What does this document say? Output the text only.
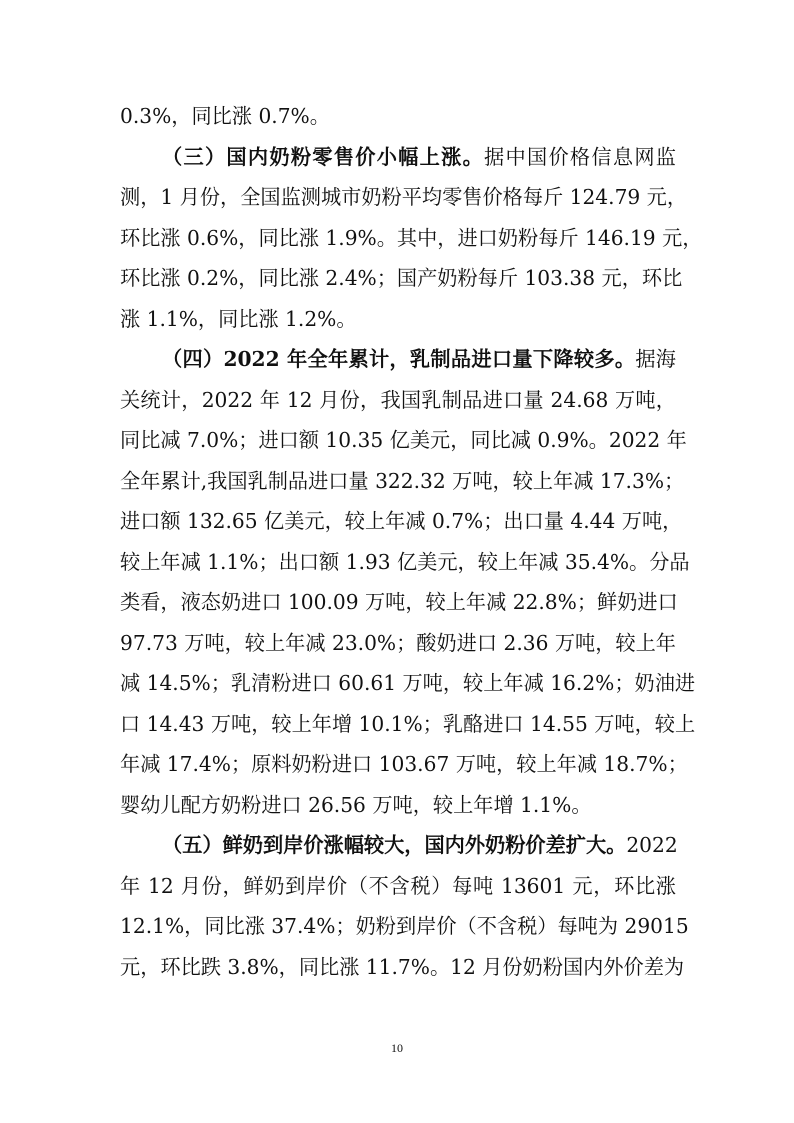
0.3%，同比涨 0.7%。
（三）国内奶粉零售价小幅上涨。据中国价格信息网监
测，1 月份，全国监测城市奶粉平均零售价格每斤 124.79 元，
环比涨 0.6%，同比涨 1.9%。其中，进口奶粉每斤 146.19 元，
环比涨 0.2%，同比涨 2.4%；国产奶粉每斤 103.38 元，环比
涨 1.1%，同比涨 1.2%。
（四）2022 年全年累计，乳制品进口量下降较多。据海
关统计，2022 年 12 月份，我国乳制品进口量 24.68 万吨，
同比减 7.0%；进口额 10.35 亿美元，同比减 0.9%。2022 年
全年累计,我国乳制品进口量 322.32 万吨，较上年减 17.3%；
进口额 132.65 亿美元，较上年减 0.7%；出口量 4.44 万吨，
较上年减 1.1%；出口额 1.93 亿美元，较上年减 35.4%。分品
类看，液态奶进口 100.09 万吨，较上年减 22.8%；鲜奶进口
97.73 万吨，较上年减 23.0%；酸奶进口 2.36 万吨，较上年
减 14.5%；乳清粉进口 60.61 万吨，较上年减 16.2%；奶油进
口 14.43 万吨，较上年增 10.1%；乳酪进口 14.55 万吨，较上
年减 17.4%；原料奶粉进口 103.67 万吨，较上年减 18.7%；
婴幼儿配方奶粉进口 26.56 万吨，较上年增 1.1%。
（五）鲜奶到岸价涨幅较大，国内外奶粉价差扩大。2022
年 12 月份，鲜奶到岸价（不含税）每吨 13601 元，环比涨
12.1%，同比涨 37.4%；奶粉到岸价（不含税）每吨为 29015
元，环比跌 3.8%，同比涨 11.7%。12 月份奶粉国内外价差为
10
